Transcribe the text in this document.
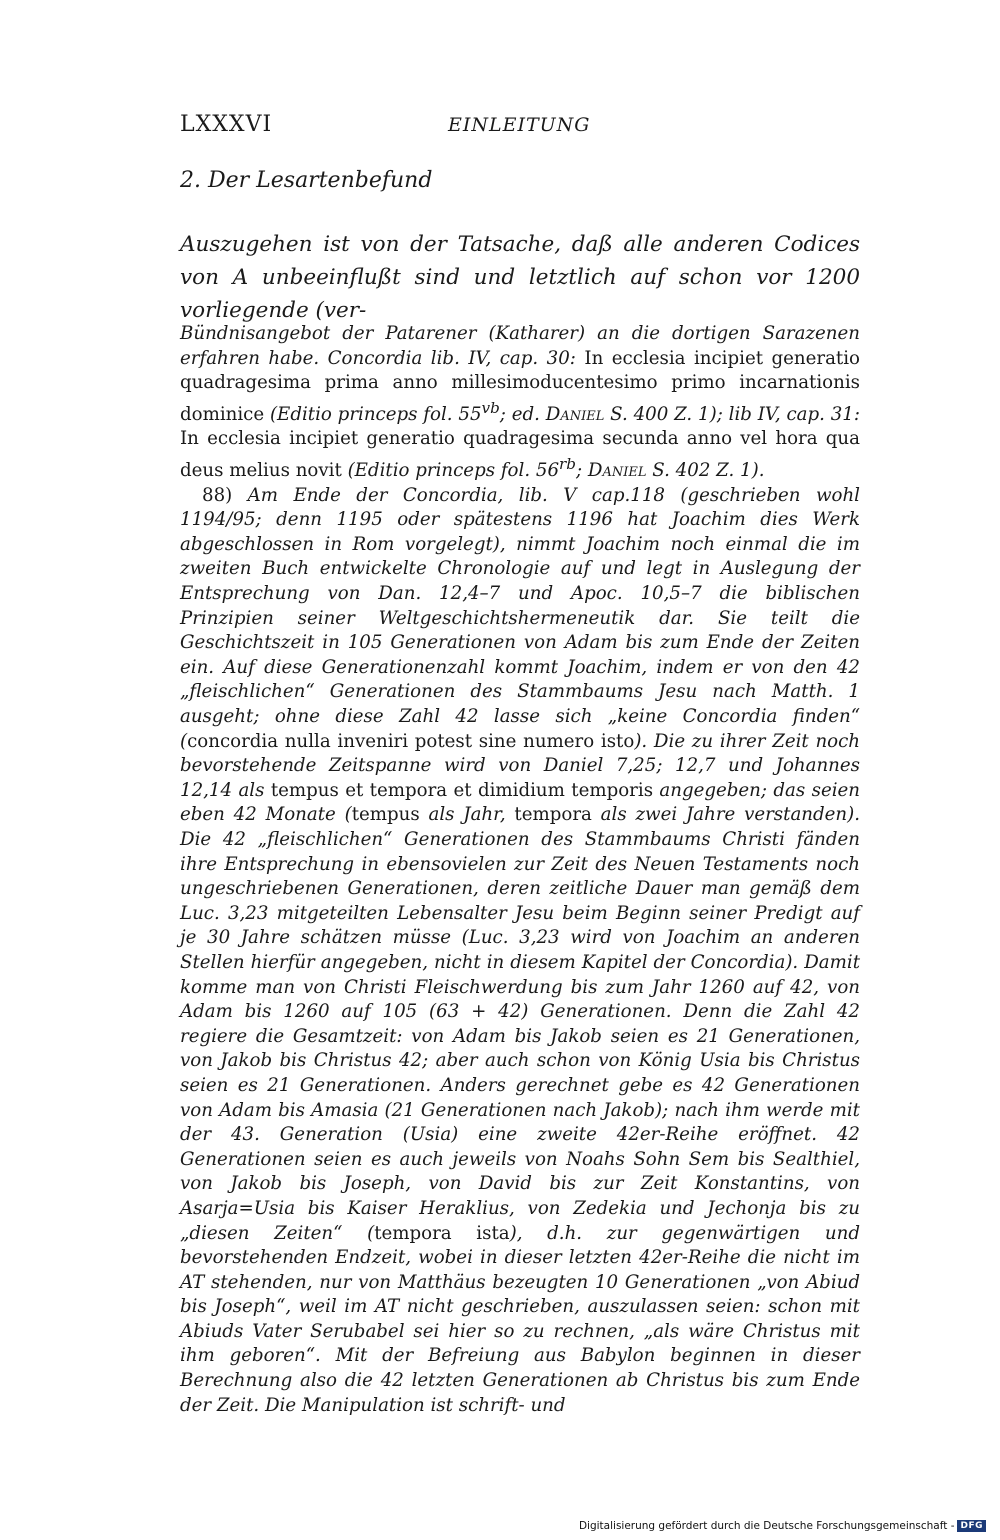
LXXXVI	EINLEITUNG
2. Der Lesartenbefund
Auszugehen ist von der Tatsache, daß alle anderen Codices von A unbeeinflußt sind und letztlich auf schon vor 1200 vorliegende (ver-

Bündnisangebot der Patarener (Katharer) an die dortigen Sarazenen erfahren habe. Concordia lib. IV, cap. 30: In ecclesia incipiet generatio quadragesima prima anno millesimoducentesimo primo incarnationis dominice (Editio princeps fol. $55^{vb}$; ed. Daniel S. 400 Z. 1); lib IV, cap. 31: In ecclesia incipiet generatio quadragesima secunda anno vel hora qua deus melius novit (Editio princeps fol. $56^{rb}$; Daniel S. 402 Z. 1).

88) Am Ende der Concordia, lib. V cap.118 (geschrieben wohl 1194/95; denn 1195 oder spätestens 1196 hat Joachim dies Werk abgeschlossen in Rom vorgelegt), nimmt Joachim noch einmal die im zweiten Buch entwickelte Chronologie auf und legt in Auslegung der Entsprechung von Dan. 12,4–7 und Apoc. 10,5–7 die biblischen Prinzipien seiner Weltgeschichtshermeneutik dar. Sie teilt die Geschichtszeit in 105 Generationen von Adam bis zum Ende der Zeiten ein. Auf diese Generationenzahl kommt Joachim, indem er von den 42 „fleischlichen“ Generationen des Stammbaums Jesu nach Matth. 1 ausgeht; ohne diese Zahl 42 lasse sich „keine Concordia finden“ (concordia nulla inveniri potest sine numero isto). Die zu ihrer Zeit noch bevorstehende Zeitspanne wird von Daniel 7,25; 12,7 und Johannes 12,14 als tempus et tempora et dimidium temporis angegeben; das seien eben 42 Monate (tempus als Jahr, tempora als zwei Jahre verstanden). Die 42 „fleischlichen“ Generationen des Stammbaums Christi fänden ihre Entsprechung in ebensovielen zur Zeit des Neuen Testaments noch ungeschriebenen Generationen, deren zeitliche Dauer man gemäß dem Luc. 3,23 mitgeteilten Lebensalter Jesu beim Beginn seiner Predigt auf je 30 Jahre schätzen müsse (Luc. 3,23 wird von Joachim an anderen Stellen hierfür angegeben, nicht in diesem Kapitel der Concordia). Damit komme man von Christi Fleischwerdung bis zum Jahr 1260 auf 42, von Adam bis 1260 auf 105 (63 + 42) Generationen. Denn die Zahl 42 regiere die Gesamtzeit: von Adam bis Jakob seien es 21 Generationen, von Jakob bis Christus 42; aber auch schon von König Usia bis Christus seien es 21 Generationen. Anders gerechnet gebe es 42 Generationen von Adam bis Amasia (21 Generationen nach Jakob); nach ihm werde mit der 43. Generation (Usia) eine zweite 42er-Reihe eröffnet. 42 Generationen seien es auch jeweils von Noahs Sohn Sem bis Sealthiel, von Jakob bis Joseph, von David bis zur Zeit Konstantins, von Asarja=Usia bis Kaiser Heraklius, von Zedekia und Jechonja bis zu „diesen Zeiten“ (tempora ista), d.h. zur gegenwärtigen und bevorstehenden Endzeit, wobei in dieser letzten 42er-Reihe die nicht im AT stehenden, nur von Matthäus bezeugten 10 Generationen „von Abiud bis Joseph“, weil im AT nicht geschrieben, auszulassen seien: schon mit Abiuds Vater Serubabel sei hier so zu rechnen, „als wäre Christus mit ihm geboren“. Mit der Befreiung aus Babylon beginnen in dieser Berechnung also die 42 letzten Generationen ab Christus bis zum Ende der Zeit. Die Manipulation ist schrift- und

Digitalisierung gefördert durch die Deutsche Forschungsgemeinschaft - DFG
